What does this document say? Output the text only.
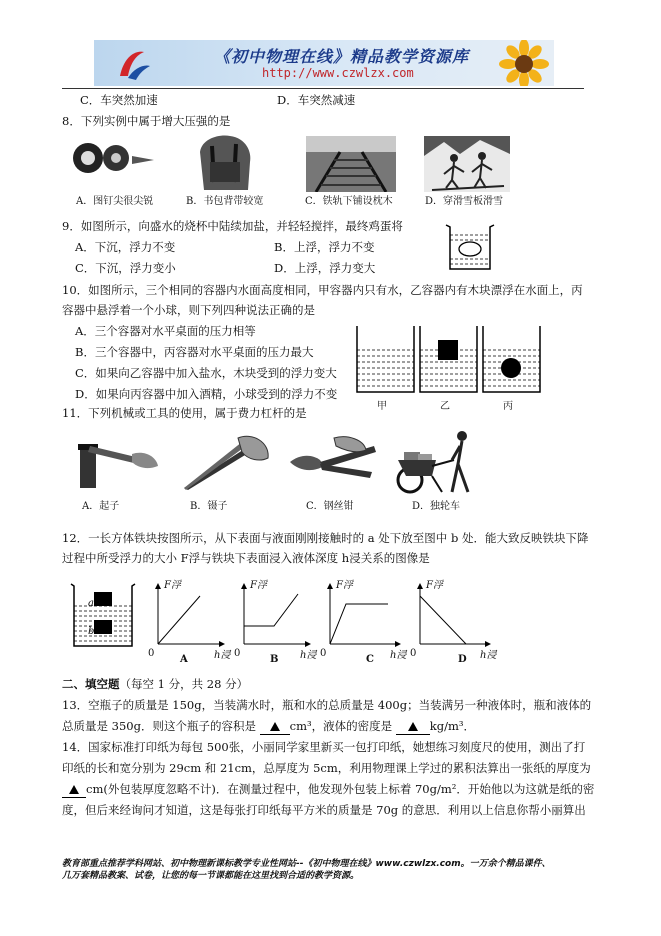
《初中物理在线》精品教学资源库
http://www.czwlzx.com
C．车突然加速	D．车突然减速
8．下列实例中属于增大压强的是
A．图钉尖很尖锐	B．书包背带较宽	C．铁轨下铺设枕木	D．穿滑雪板滑雪
9．如图所示，向盛水的烧杯中陆续加盐，并轻轻搅拌，最终鸡蛋将
A．下沉，浮力不变	B．上浮，浮力不变
C．下沉，浮力变小	D．上浮，浮力变大
10．如图所示，三个相同的容器内水面高度相同，甲容器内只有水，乙容器内有木块漂浮在水面上，丙
容器中悬浮着一个小球，则下列四种说法正确的是
A．三个容器对水平桌面的压力相等
B．三个容器中，丙容器对水平桌面的压力最大
C．如果向乙容器中加入盐水，木块受到的浮力变大
D．如果向丙容器中加入酒精，小球受到的浮力不变
甲	乙	丙
11．下列机械或工具的使用，属于费力杠杆的是
A．起子	B．镊子	C．钢丝钳	D．独轮车
12．一长方体铁块按图所示，从下表面与液面刚刚接触时的 a 处下放至图中 b 处．能大致反映铁块下降
过程中所受浮力的大小 F浮与铁块下表面浸入液体深度 h浸关系的图像是
a
b
F浮	F浮	F浮	F浮
0	0	0	0
h浸	h浸	h浸	h浸
A	B	C	D
二、填空题（每空 1 分，共 28 分）
13．空瓶子的质量是 150g，当装满水时，瓶和水的总质量是 400g；当装满另一种液体时，瓶和液体的
总质量是 350g．则这个瓶子的容积是	cm³，液体的密度是	kg/m³．
14．国家标准打印纸为每包 500张，小丽同学家里新买一包打印纸，她想练习刻度尺的使用，测出了打
印纸的长和宽分别为 29cm 和 21cm，总厚度为 5cm，利用物理课上学过的累积法算出一张纸的厚度为
cm(外包装厚度忽略不计)．在测量过程中，他发现外包装上标着 70g/m²．开始他以为这就是纸的密
度，但后来经询问才知道，这是每张打印纸每平方米的质量是 70g 的意思．利用以上信息你帮小丽算出
教育部重点推荐学科网站、初中物理新课标教学专业性网站--《初中物理在线》www.czwlzx.com。一万余个精品课件、
几万套精品教案、试卷，让您的每一节课都能在这里找到合适的教学资源。
